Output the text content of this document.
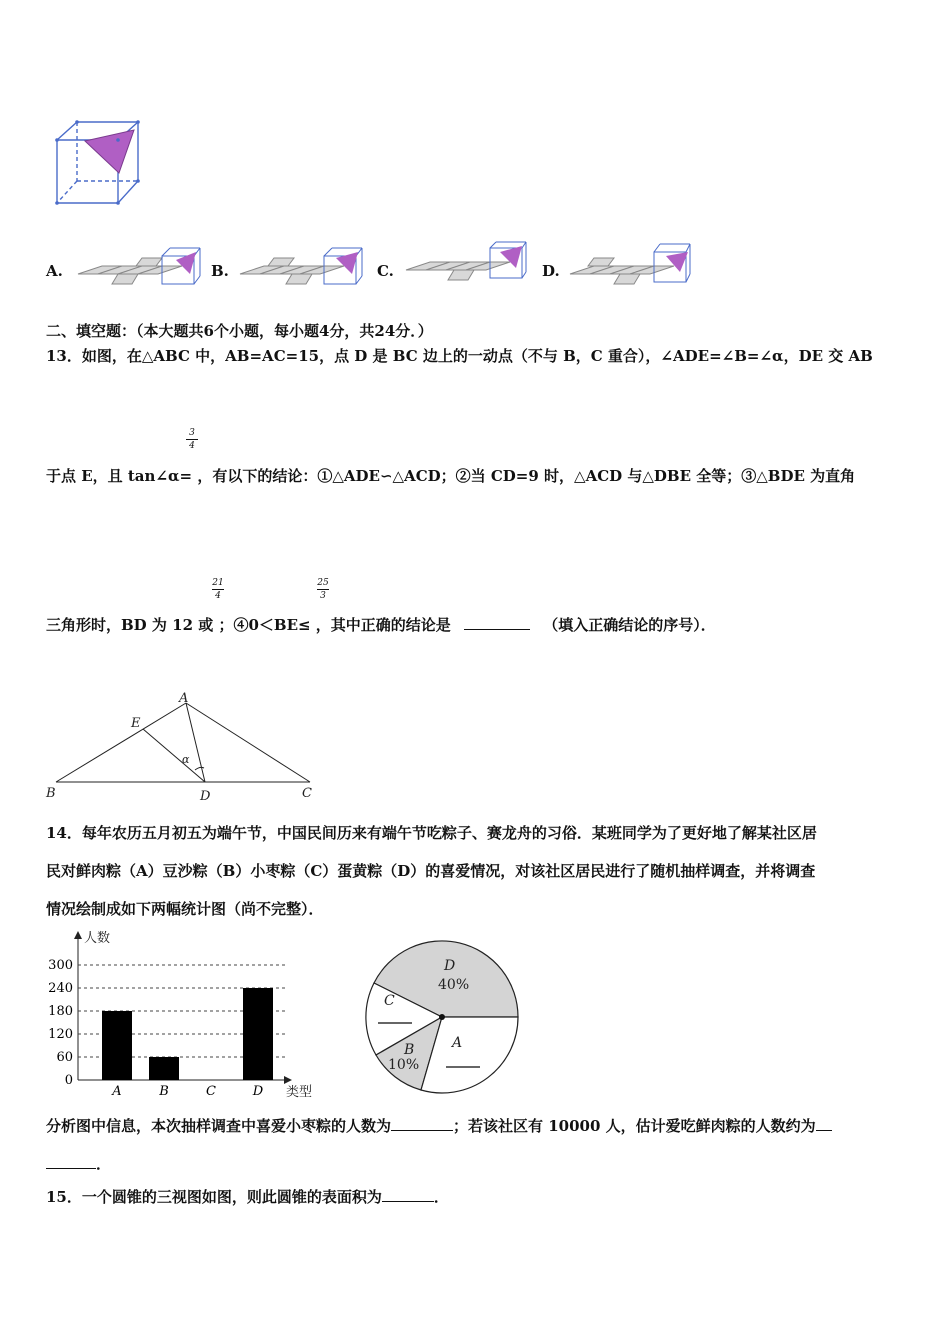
A.	B.	C.	D.
二、填空题：（本大题共6个小题，每小题4分，共24分．）
13．如图，在△ABC 中，AB=AC=15，点 D 是 BC 边上的一动点（不与 B，C 重合），∠ADE=∠B=∠α，DE 交 AB
3
4
于点 E，且 tan∠α= ，有以下的结论：①△ADE∽△ACD；②当 CD=9 时，△ACD 与△DBE 全等；③△BDE 为直角
21
4
25
3
三角形时，BD 为 12 或 ；④0＜BE≤ ，其中正确的结论是	（填入正确结论的序号）．
A
B	C
D
E
α
14．每年农历五月初五为端午节，中国民间历来有端午节吃粽子、赛龙舟的习俗．某班同学为了更好地了解某社区居
民对鲜肉粽（A）豆沙粽（B）小枣粽（C）蛋黄粽（D）的喜爱情况，对该社区居民进行了随机抽样调查，并将调查
情况绘制成如下两幅统计图（尚不完整）．
人数
类型
0
60
120
180
240
300
A	B	C	D
D
40%
C
B
10%
A
分析图中信息，本次抽样调查中喜爱小枣粽的人数为	；若该社区有 10000 人，估计爱吃鲜肉粽的人数约为
．
15．一个圆锥的三视图如图，则此圆锥的表面积为	．
